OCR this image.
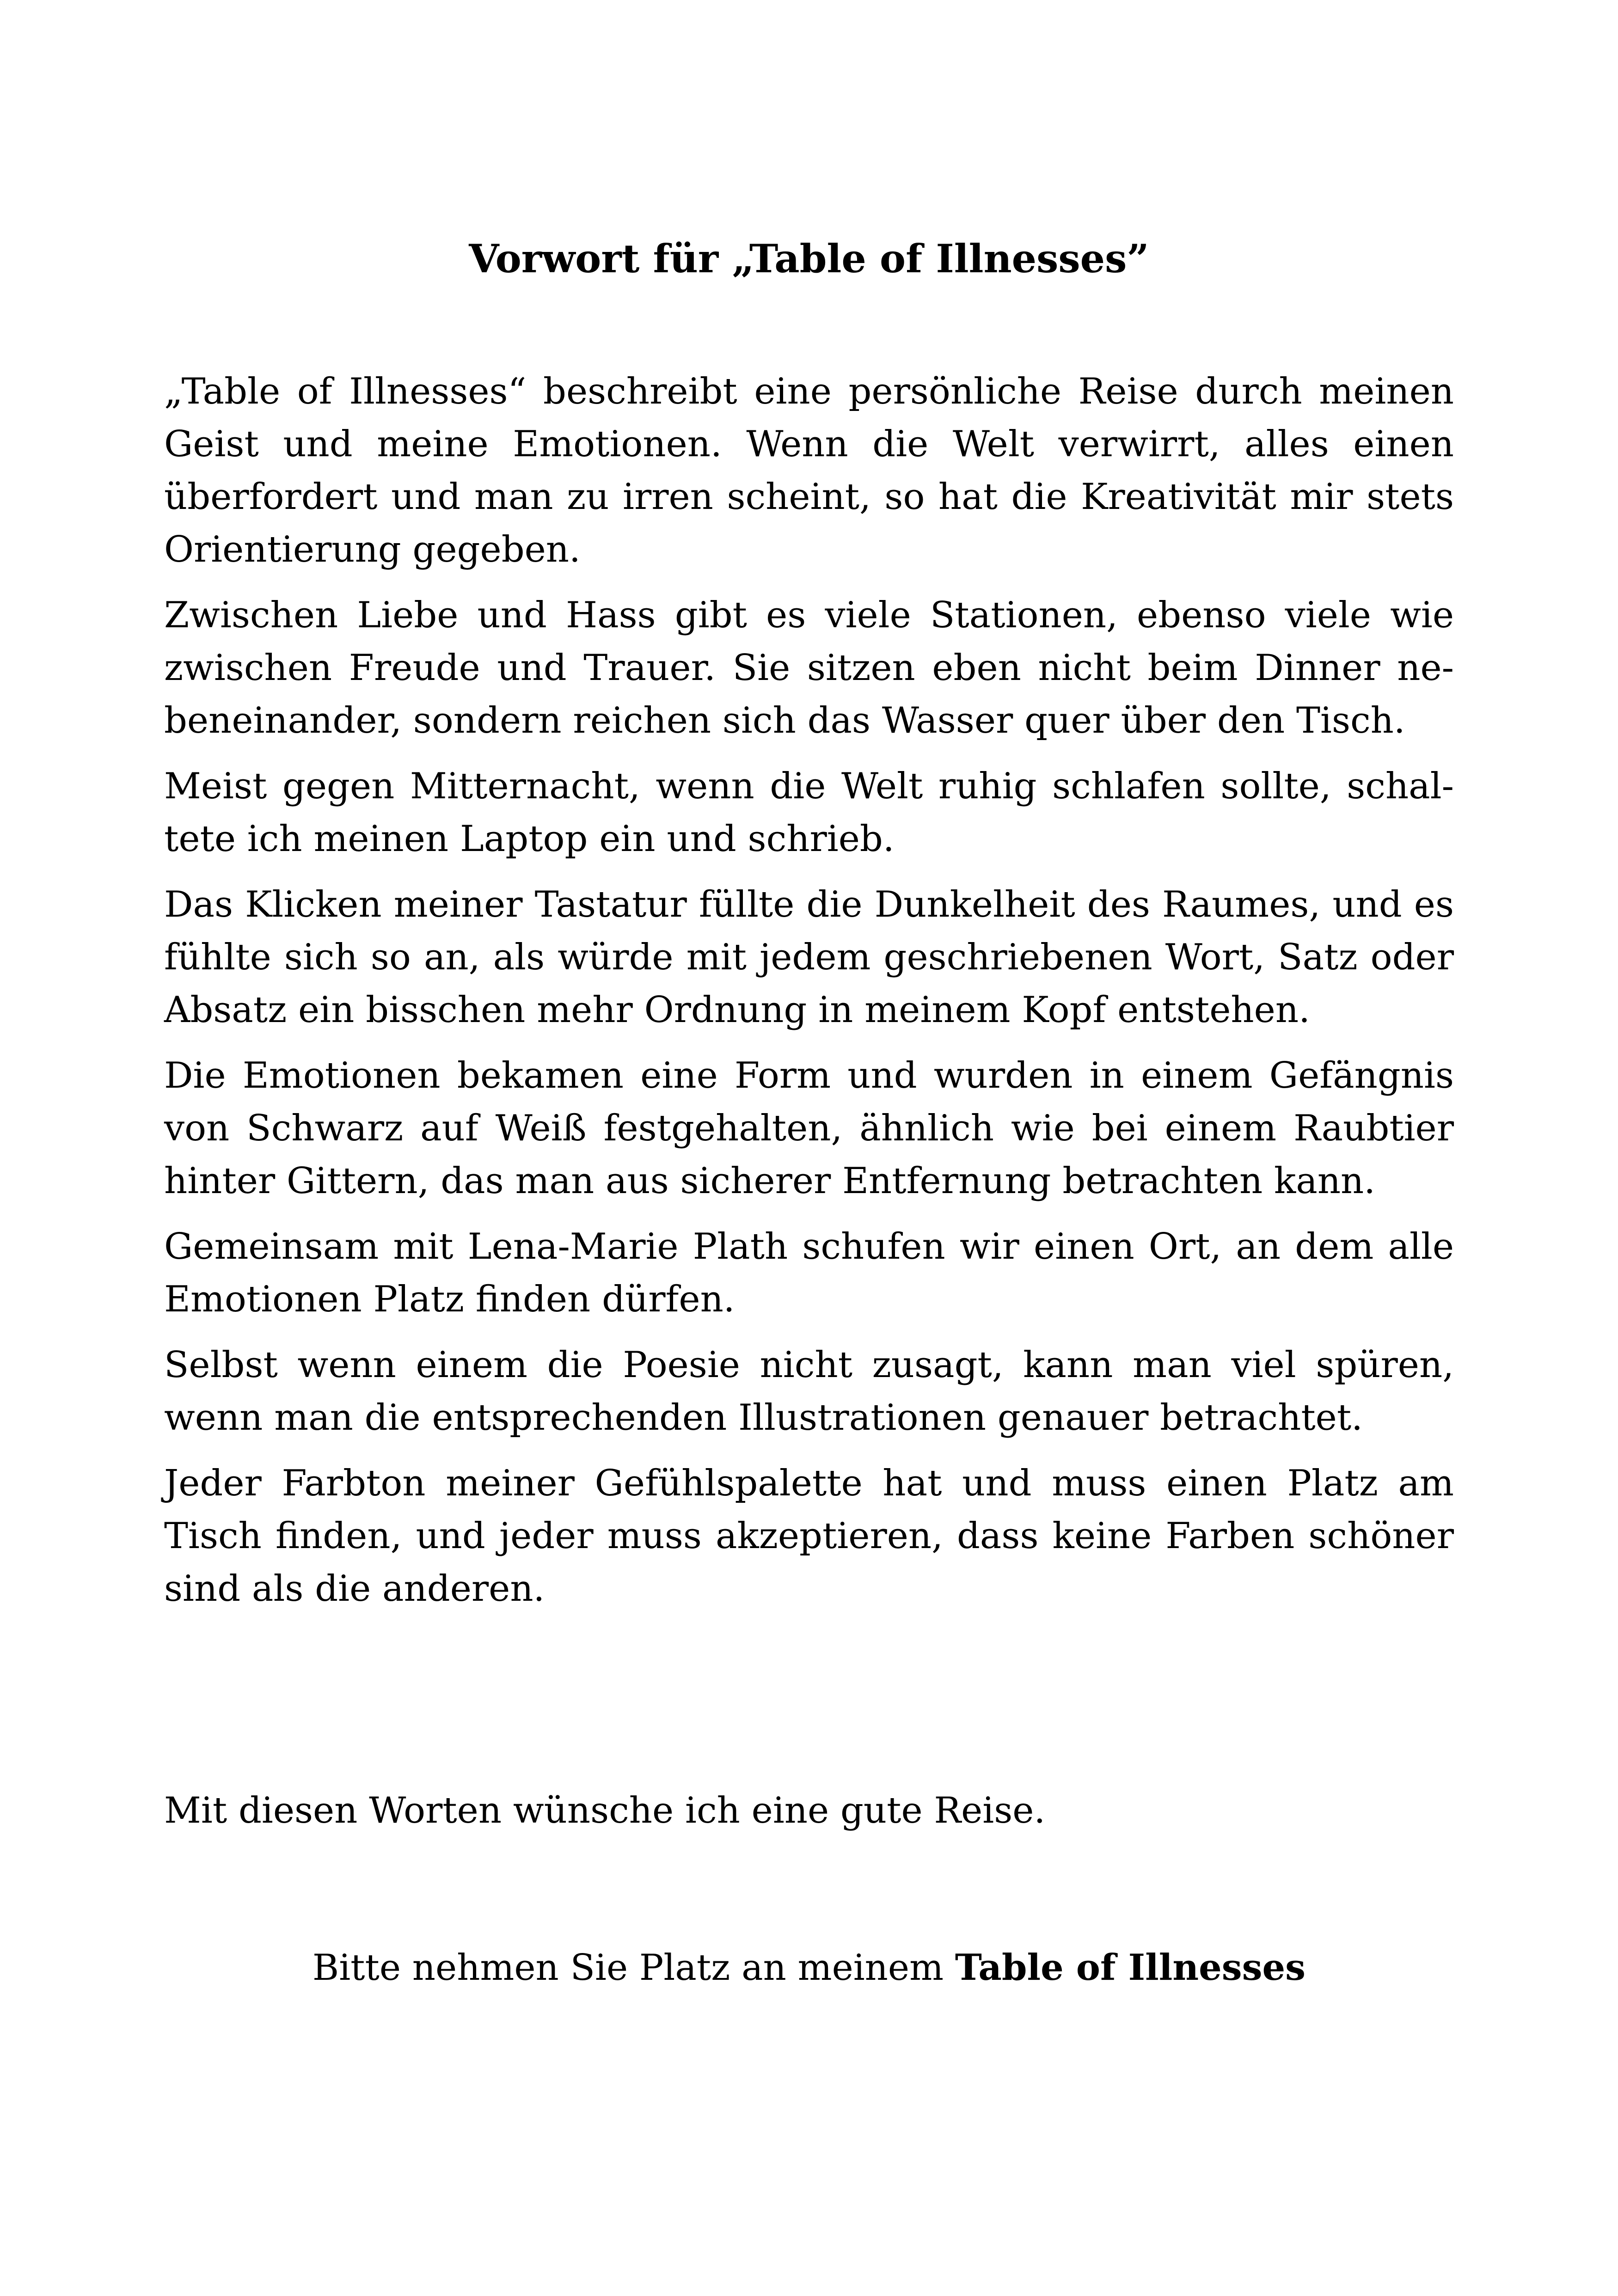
Vorwort für „Table of Illnesses”

„Table of Illnesses“ beschreibt eine persönliche Reise durch meinen Geist und meine Emotionen. Wenn die Welt verwirrt, alles einen überfordert und man zu irren scheint, so hat die Kreativität mir stets Orientierung gegeben.

Zwischen Liebe und Hass gibt es viele Stationen, ebenso viele wie zwischen Freude und Trauer. Sie sitzen eben nicht beim Dinner nebeneinander, sondern reichen sich das Wasser quer über den Tisch.

Meist gegen Mitternacht, wenn die Welt ruhig schlafen sollte, schaltete ich meinen Laptop ein und schrieb.

Das Klicken meiner Tastatur füllte die Dunkelheit des Raumes, und es fühlte sich so an, als würde mit jedem geschriebenen Wort, Satz oder Absatz ein bisschen mehr Ordnung in meinem Kopf entstehen.

Die Emotionen bekamen eine Form und wurden in einem Gefängnis von Schwarz auf Weiß festgehalten, ähnlich wie bei einem Raubtier hinter Gittern, das man aus sicherer Entfernung betrachten kann.

Gemeinsam mit Lena-Marie Plath schufen wir einen Ort, an dem alle Emotionen Platz finden dürfen.

Selbst wenn einem die Poesie nicht zusagt, kann man viel spüren, wenn man die entsprechenden Illustrationen genauer betrachtet.

Jeder Farbton meiner Gefühlspalette hat und muss einen Platz am Tisch finden, und jeder muss akzeptieren, dass keine Farben schöner sind als die anderen.

Mit diesen Worten wünsche ich eine gute Reise.

Bitte nehmen Sie Platz an meinem Table of Illnesses
